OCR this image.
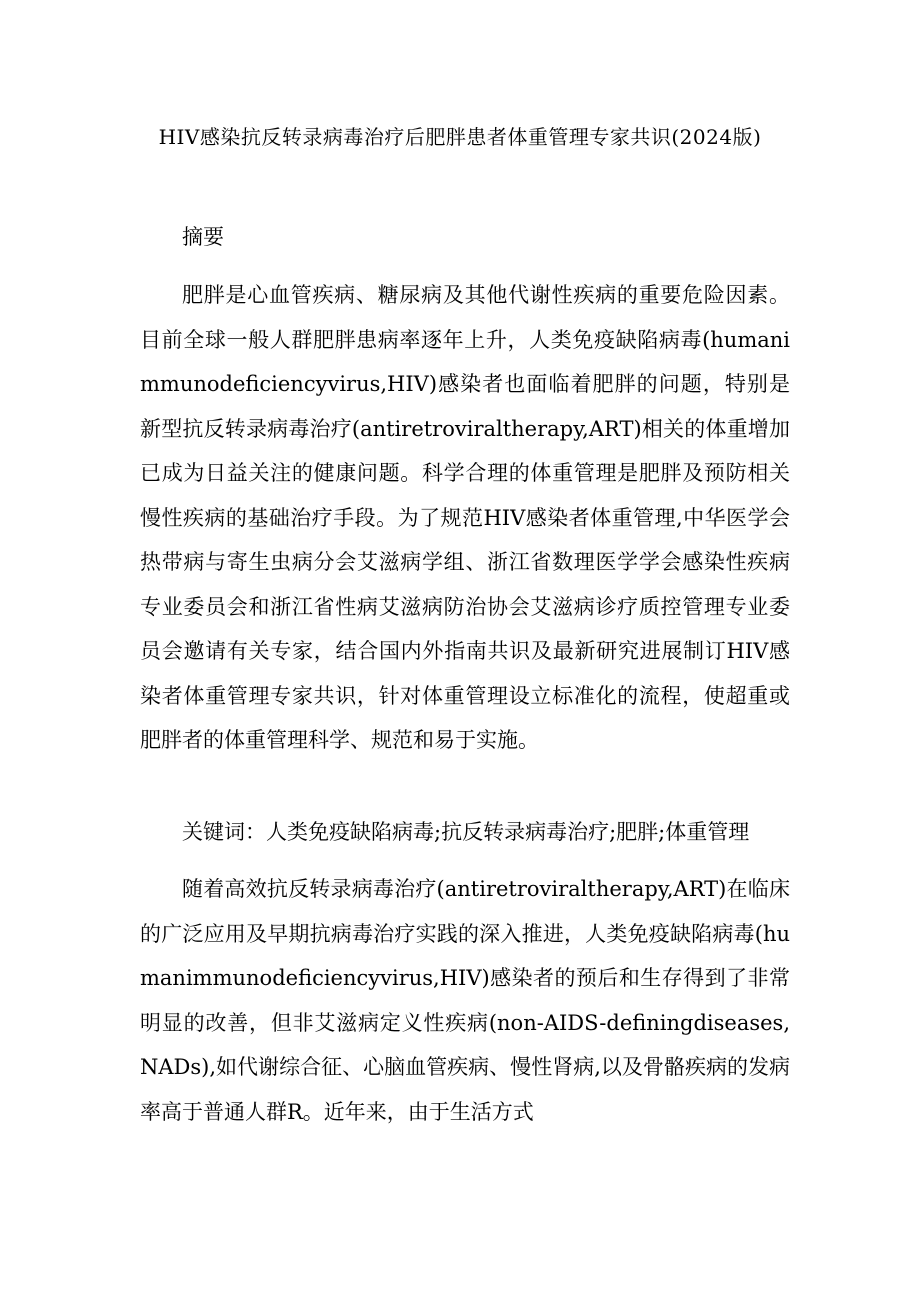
HIV感染抗反转录病毒治疗后肥胖患者体重管理专家共识(2024版)

摘要

肥胖是心血管疾病、糖尿病及其他代谢性疾病的重要危险因素。目前全球一般人群肥胖患病率逐年上升，人类免疫缺陷病毒(humanimmunodeficiencyvirus,HIV)感染者也面临着肥胖的问题，特别是新型抗反转录病毒治疗(antiretroviraltherapy,ART)相关的体重增加已成为日益关注的健康问题。科学合理的体重管理是肥胖及预防相关慢性疾病的基础治疗手段。为了规范HIV感染者体重管理,中华医学会热带病与寄生虫病分会艾滋病学组、浙江省数理医学学会感染性疾病专业委员会和浙江省性病艾滋病防治协会艾滋病诊疗质控管理专业委员会邀请有关专家，结合国内外指南共识及最新研究进展制订HIV感染者体重管理专家共识，针对体重管理设立标准化的流程，使超重或肥胖者的体重管理科学、规范和易于实施。

关键词：人类免疫缺陷病毒;抗反转录病毒治疗;肥胖;体重管理

随着高效抗反转录病毒治疗(antiretroviraltherapy,ART)在临床的广泛应用及早期抗病毒治疗实践的深入推进，人类免疫缺陷病毒(humanimmunodeficiencyvirus,HIV)感染者的预后和生存得到了非常明显的改善，但非艾滋病定义性疾病(non-AIDS-definingdiseases,NADs),如代谢综合征、心脑血管疾病、慢性肾病,以及骨骼疾病的发病率高于普通人群R。近年来，由于生活方式
